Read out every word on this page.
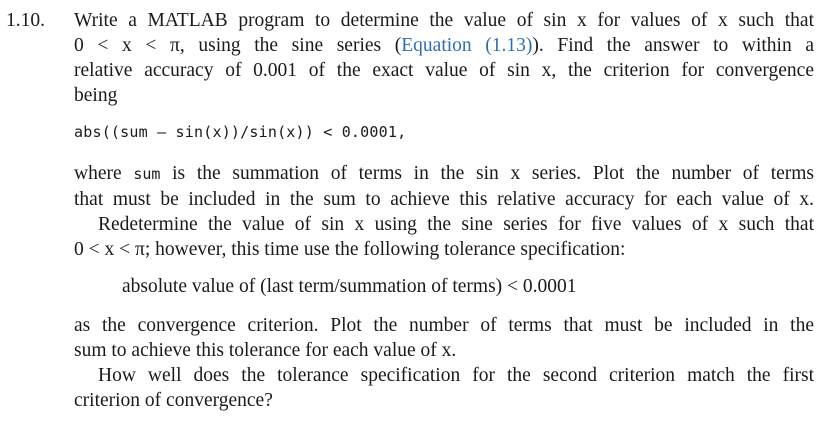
1.10. Write a MATLAB program to determine the value of sin x for values of x such that
0 < x < π, using the sine series (Equation (1.13)). Find the answer to within a
relative accuracy of 0.001 of the exact value of sin x, the criterion for convergence
being
abs((sum – sin(x))/sin(x)) < 0.0001,
where sum is the summation of terms in the sin x series. Plot the number of terms
that must be included in the sum to achieve this relative accuracy for each value of x.
Redetermine the value of sin x using the sine series for five values of x such that
0 < x < π; however, this time use the following tolerance specification:
absolute value of (last term/summation of terms) < 0.0001
as the convergence criterion. Plot the number of terms that must be included in the
sum to achieve this tolerance for each value of x.
How well does the tolerance specification for the second criterion match the first
criterion of convergence?
